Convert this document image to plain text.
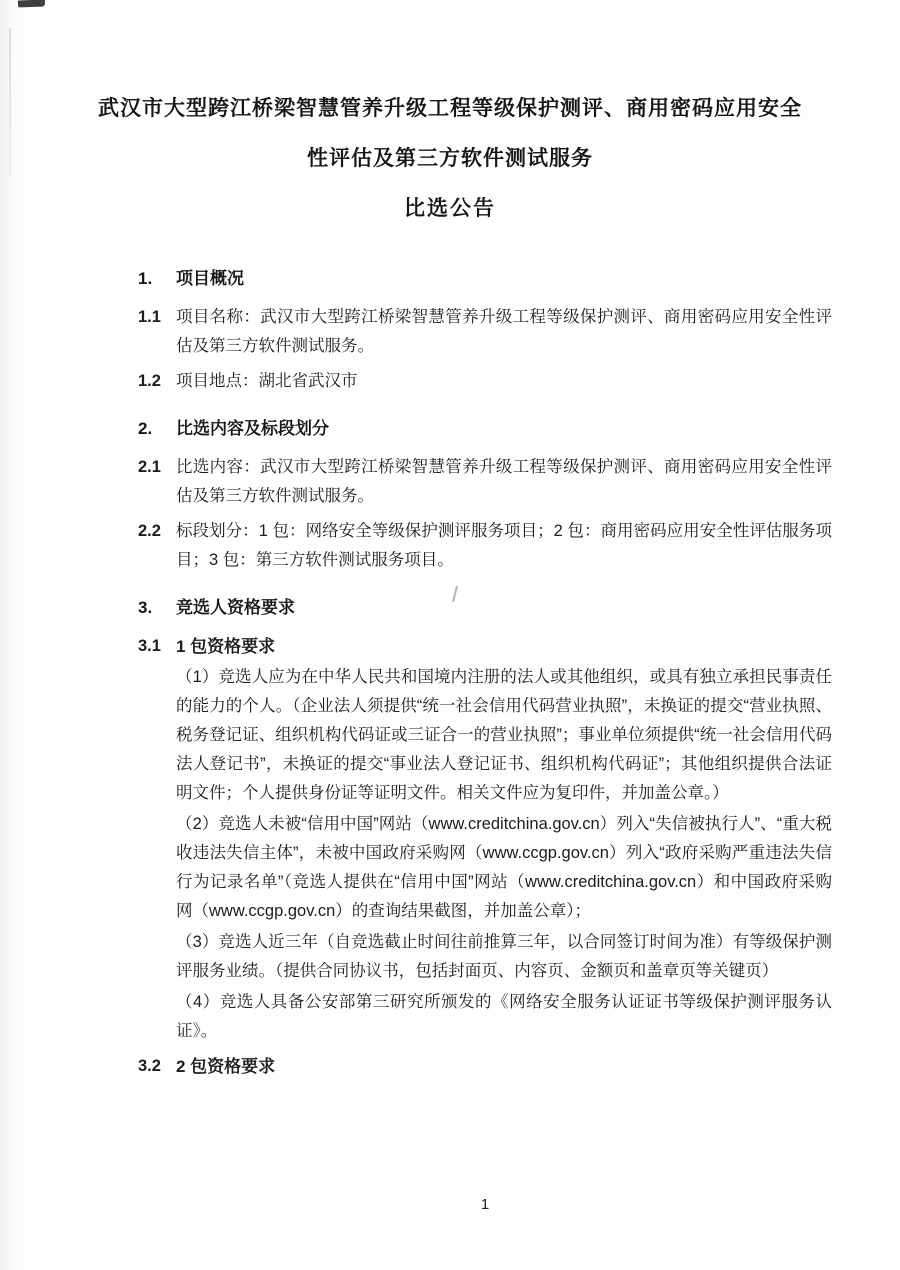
武汉市大型跨江桥梁智慧管养升级工程等级保护测评、商用密码应用安全
性评估及第三方软件测试服务
比选公告
1.	项目概况
1.1 项目名称：武汉市大型跨江桥梁智慧管养升级工程等级保护测评、商用密码应用安全性评估及第三方软件测试服务。
1.2 项目地点：湖北省武汉市
2.	比选内容及标段划分
2.1 比选内容：武汉市大型跨江桥梁智慧管养升级工程等级保护测评、商用密码应用安全性评估及第三方软件测试服务。
2.2 标段划分：1 包：网络安全等级保护测评服务项目；2 包：商用密码应用安全性评估服务项目；3 包：第三方软件测试服务项目。
3.	竞选人资格要求
3.1 1 包资格要求

（1）竞选人应为在中华人民共和国境内注册的法人或其他组织，或具有独立承担民事责任的能力的个人。（企业法人须提供“统一社会信用代码营业执照”，未换证的提交“营业执照、税务登记证、组织机构代码证或三证合一的营业执照”；事业单位须提供“统一社会信用代码法人登记书”，未换证的提交“事业法人登记证书、组织机构代码证”；其他组织提供合法证明文件；个人提供身份证等证明文件。相关文件应为复印件，并加盖公章。）

（2）竞选人未被“信用中国”网站（www.creditchina.gov.cn）列入“失信被执行人”、“重大税收违法失信主体”，未被中国政府采购网（www.ccgp.gov.cn）列入“政府采购严重违法失信行为记录名单”（竞选人提供在“信用中国”网站（www.creditchina.gov.cn）和中国政府采购网（www.ccgp.gov.cn）的查询结果截图，并加盖公章）；

（3）竞选人近三年（自竞选截止时间往前推算三年，以合同签订时间为准）有等级保护测评服务业绩。（提供合同协议书，包括封面页、内容页、金额页和盖章页等关键页）

（4）竞选人具备公安部第三研究所颁发的《网络安全服务认证证书等级保护测评服务认证》。

3.2 2 包资格要求
1
